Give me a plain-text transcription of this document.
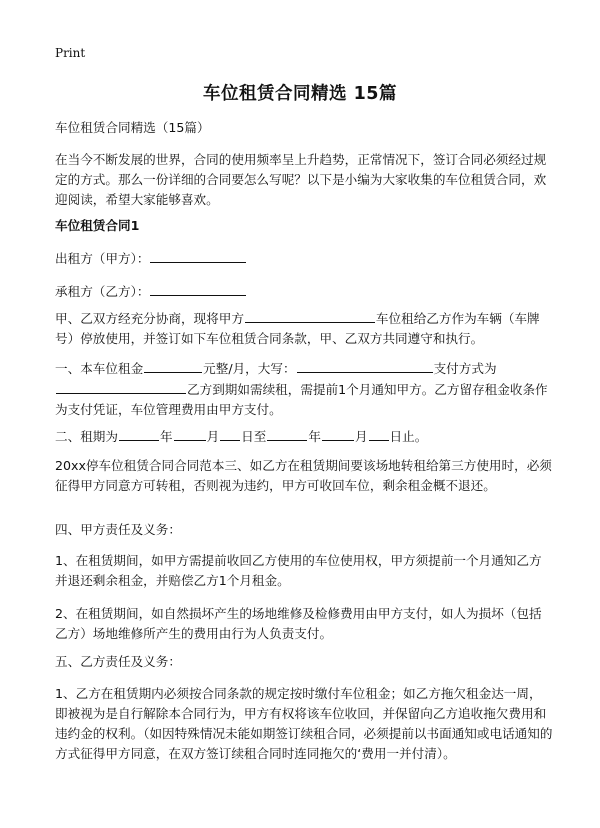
Print
车位租赁合同精选 15篇

车位租赁合同精选（15篇）

在当今不断发展的世界，合同的使用频率呈上升趋势，正常情况下，签订合同必须经过规定的方式。那么一份详细的合同要怎么写呢？以下是小编为大家收集的车位租赁合同，欢迎阅读，希望大家能够喜欢。

车位租赁合同1

出租方（甲方）：

承租方（乙方）：

甲、乙双方经充分协商，现将甲方	车位租给乙方作为车辆（车牌号）停放使用，并签订如下车位租赁合同条款，甲、乙双方共同遵守和执行。

一、本车位租金	元整/月，大写：	支付方式为乙方到期如需续租，需提前1个月通知甲方。乙方留存租金收条作为支付凭证，车位管理费用由甲方支付。

二、租期为	年	月 日至	年	月 日止。

20xx停车位租赁合同合同范本三、如乙方在租赁期间要该场地转租给第三方使用时，必须征得甲方同意方可转租，否则视为违约，甲方可收回车位，剩余租金概不退还。

四、甲方责任及义务：

1、在租赁期间，如甲方需提前收回乙方使用的车位使用权，甲方须提前一个月通知乙方并退还剩余租金，并赔偿乙方1个月租金。

2、在租赁期间，如自然损坏产生的场地维修及检修费用由甲方支付，如人为损坏（包括乙方）场地维修所产生的费用由行为人负责支付。

五、乙方责任及义务：

1、乙方在租赁期内必须按合同条款的规定按时缴付车位租金；如乙方拖欠租金达一周，即被视为是自行解除本合同行为，甲方有权将该车位收回，并保留向乙方追收拖欠费用和违约金的权利。（如因特殊情况未能如期签订续租合同，必须提前以书面通知或电话通知的方式征得甲方同意，在双方签订续租合同时连同拖欠的‘费用一并付清）。
